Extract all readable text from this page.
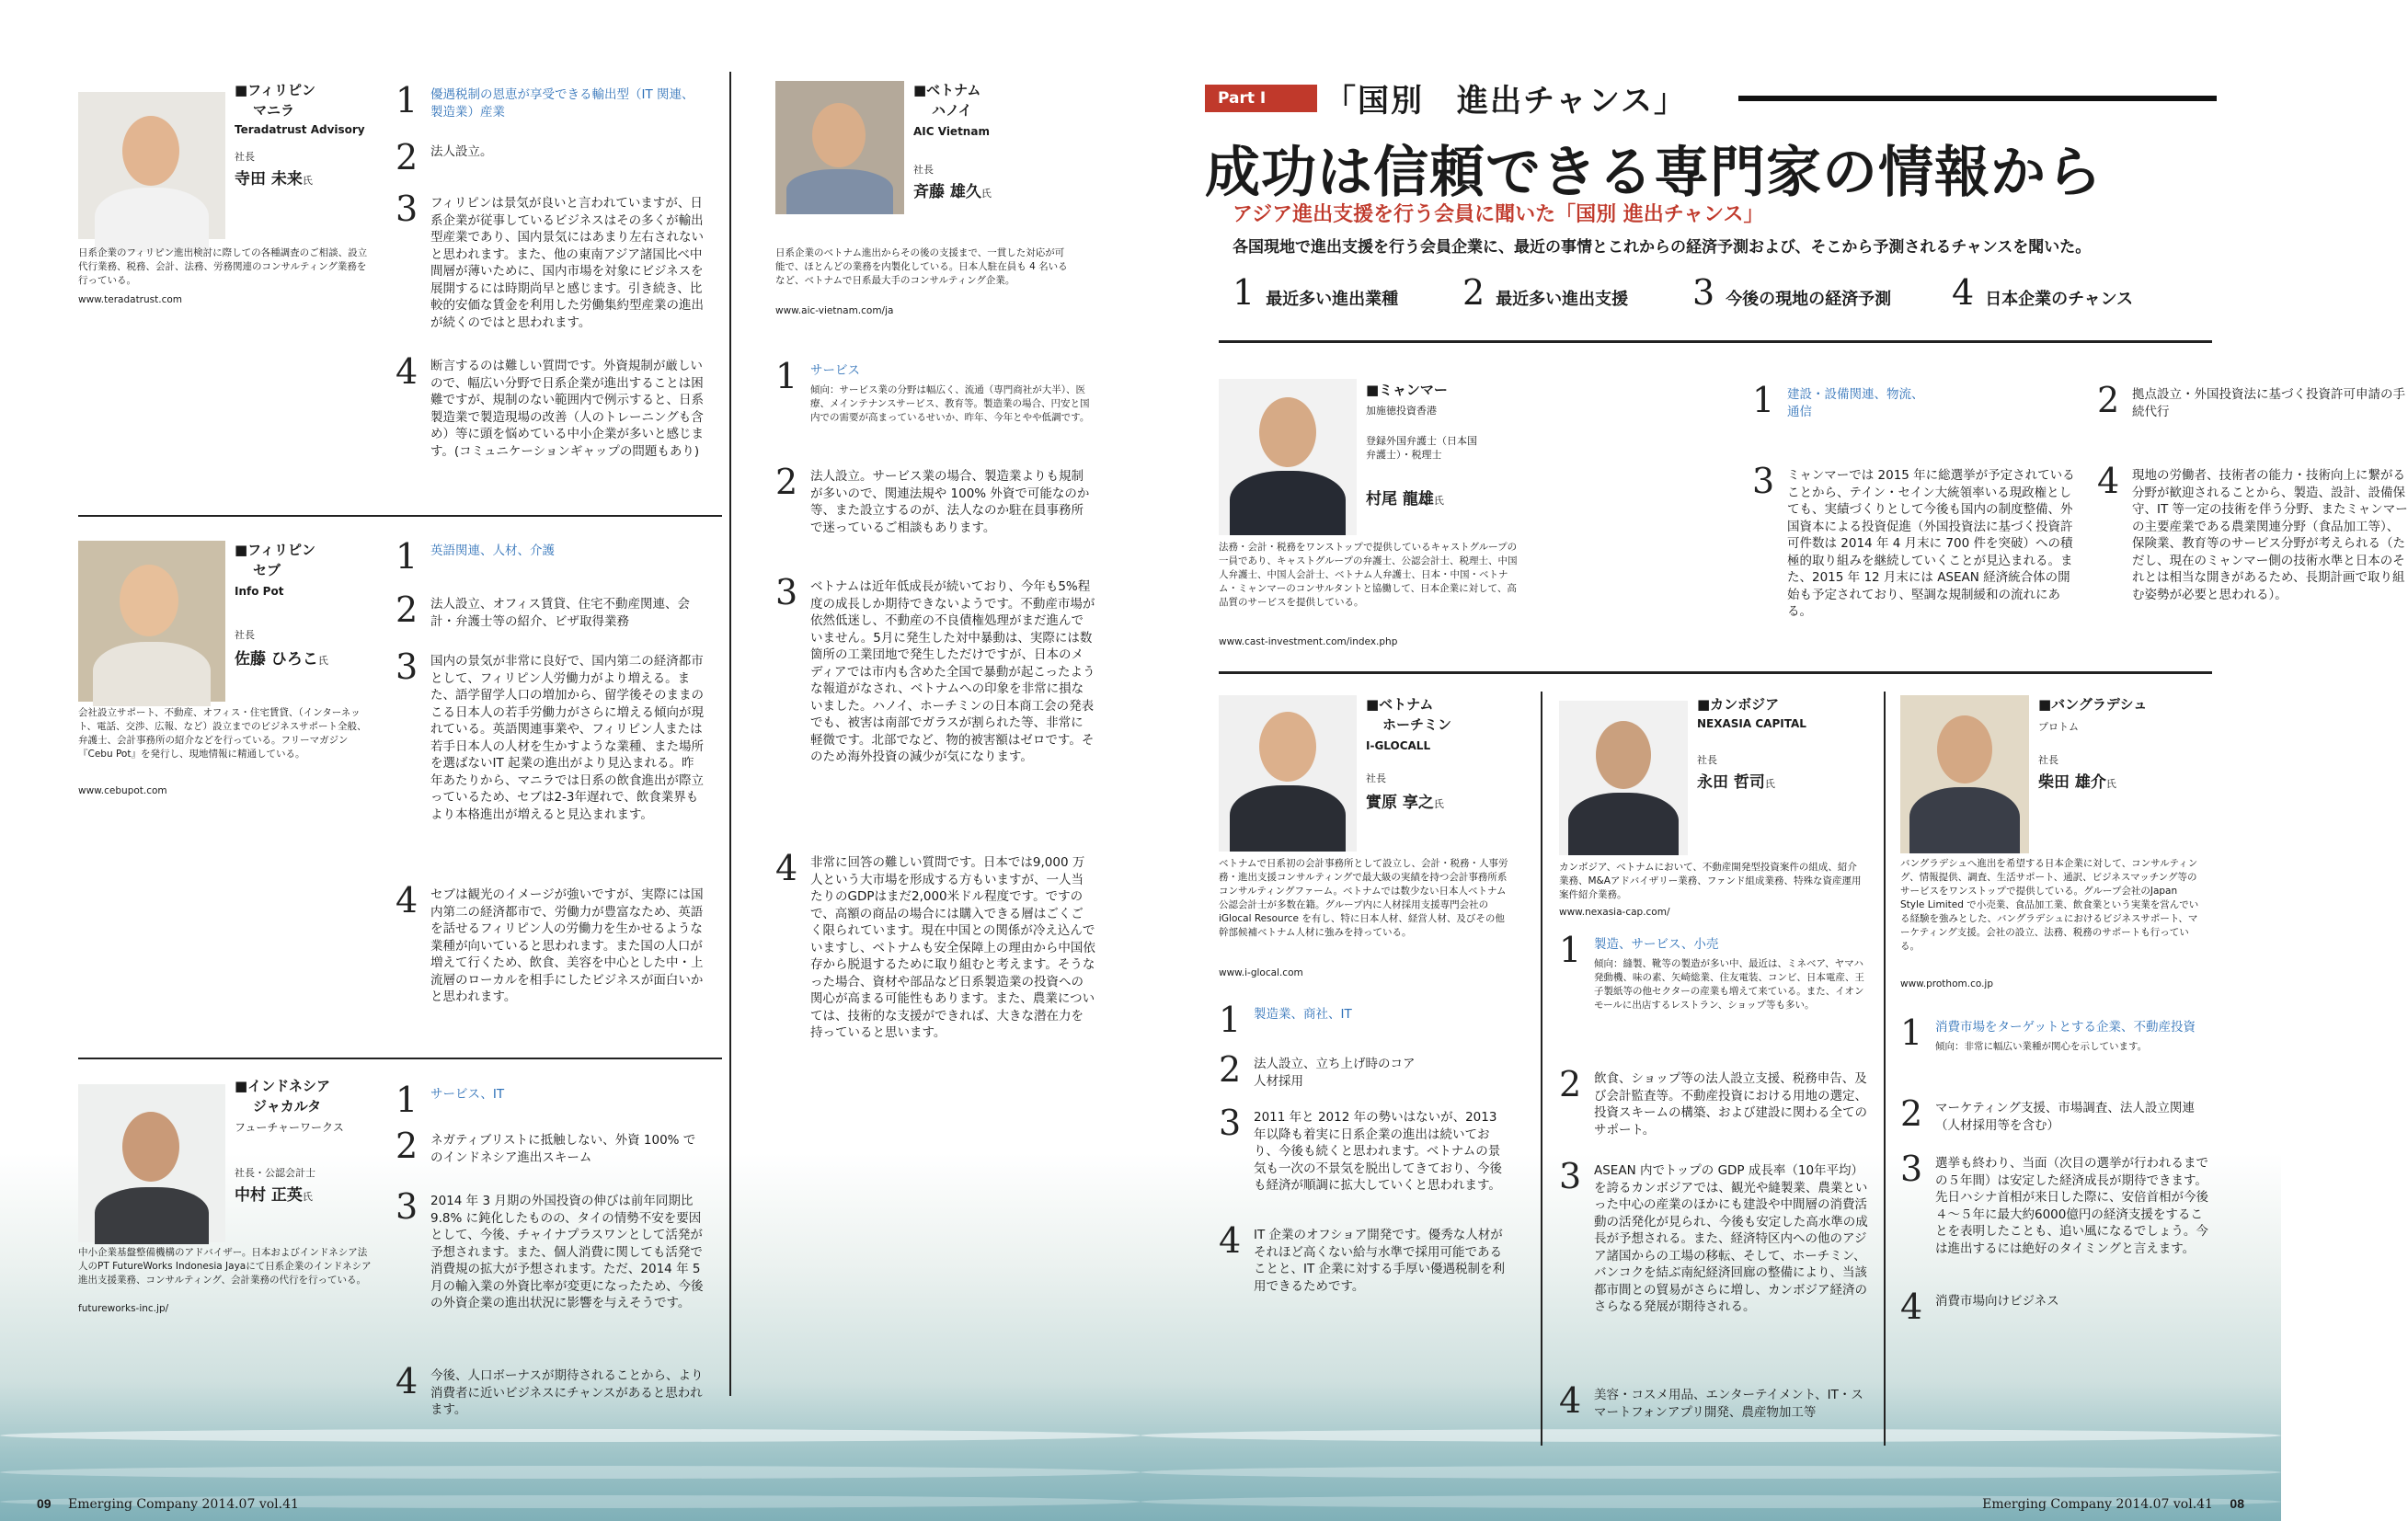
■フィリピン
マニラ
Teradatrust Advisory
社長
寺田 未来氏
日系企業のフィリピン進出検討に際しての各種調査のご相談、設立代行業務、税務、会計、法務、労務関連のコンサルティング業務を行っている。
www.teradatrust.com
1 優遇税制の恩恵が享受できる輸出型（IT 関連、製造業）産業
2 法人設立。
3 フィリピンは景気が良いと言われていますが、日系企業が従事しているビジネスはその多くが輸出型産業であり、国内景気にはあまり左右されないと思われます。また、他の東南アジア諸国比べ中間層が薄いために、国内市場を対象にビジネスを展開するには時期尚早と感じます。引き続き、比較的安価な賃金を利用した労働集約型産業の進出が続くのではと思われます。
4 断言するのは難しい質問です。外資規制が厳しいので、幅広い分野で日系企業が進出することは困難ですが、規制のない範囲内で例示すると、日系製造業で製造現場の改善（人のトレーニングも含め）等に頭を悩めている中小企業が多いと感じます。(コミュニケーションギャップの問題もあり)
■フィリピン
セブ
Info Pot
社長
佐藤 ひろこ氏
会社設立サポート、不動産、オフィス・住宅賃貸、（インターネット、電話、交渉、広報、など）設立までのビジネスサポート全般、弁護士、会計事務所の紹介などを行っている。フリーマガジン『Cebu Pot』を発行し、現地情報に精通している。
www.cebupot.com
1 英語関連、人材、介護
2 法人設立、オフィス賃貸、住宅不動産関連、会計・弁護士等の紹介、ビザ取得業務
3 国内の景気が非常に良好で、国内第二の経済都市として、フィリピン人労働力がより増える。また、語学留学人口の増加から、留学後そのままのこる日本人の若手労働力がさらに増える傾向が現れている。英語関連事業や、フィリピン人または若手日本人の人材を生かすような業種、また場所を選ばないIT 起業の進出がより見込まれる。昨年あたりから、マニラでは日系の飲食進出が際立っているため、セブは2-3年遅れで、飲食業界もより本格進出が増えると見込まれます。
4 セブは観光のイメージが強いですが、実際には国内第二の経済都市で、労働力が豊富なため、英語を話せるフィリピン人の労働力を生かせるような業種が向いていると思われます。また国の人口が増えて行くため、飲食、美容を中心とした中・上流層のローカルを相手にしたビジネスが面白いかと思われます。
■インドネシア
ジャカルタ
フューチャーワークス
社長・公認会計士
中村 正英氏
中小企業基盤整備機構のアドバイザー。日本およびインドネシア法人のPT FutureWorks Indonesia Jayaにて日系企業のインドネシア進出支援業務、コンサルティング、会計業務の代行を行っている。
futureworks-inc.jp/
1 サービス、IT
2 ネガティブリストに抵触しない、外資 100% でのインドネシア進出スキーム
3 2014 年 3 月期の外国投資の伸びは前年同期比 9.8% に鈍化したものの、タイの情勢不安を要因として、今後、チャイナプラスワンとして活発が予想されます。また、個人消費に関しても活発で消費規の拡大が予想されます。ただ、2014 年 5 月の輸入業の外資比率が変更になったため、今後の外資企業の進出状況に影響を与えそうです。
4 今後、人口ボーナスが期待されることから、より消費者に近いビジネスにチャンスがあると思われます。
■ベトナム
ハノイ
AIC Vietnam
社長
斉藤 雄久氏
日系企業のベトナム進出からその後の支援まで、一貫した対応が可能で、ほとんどの業務を内製化している。日本人駐在員も 4 名いるなど、ベトナムで日系最大手のコンサルティング企業。
www.aic-vietnam.com/ja
1 サービス
傾向：サービス業の分野は幅広く、流通（専門商社が大半）、医療、メインテナンスサービス、教育等。製造業の場合、円安と国内での需要が高まっているせいか、昨年、今年とやや低調です。
2 法人設立。サービス業の場合、製造業よりも規制が多いので、関連法規や 100% 外資で可能なのか等、また設立するのが、法人なのか駐在員事務所で迷っているご相談もあります。
3 ベトナムは近年低成長が続いており、今年も5%程度の成長しか期待できないようです。不動産市場が依然低迷し、不動産の不良債権処理がまだ進んでいません。5月に発生した対中暴動は、実際には数箇所の工業団地で発生しただけですが、日本のメディアでは市内も含めた全国で暴動が起こったような報道がなされ、ベトナムへの印象を非常に損ないました。ハノイ、ホーチミンの日本商工会の発表でも、被害は南部でガラスが割られた等、非常に軽微です。北部でなど、物的被害額はゼロです。そのため海外投資の減少が気になります。
4 非常に回答の難しい質問です。日本では9,000 万人という大市場を形成する方もいますが、一人当たりのGDPはまだ2,000米ドル程度です。ですので、高額の商品の場合には購入できる層はごくごく限られています。現在中国との関係が冷え込んでいますし、ベトナムも安全保障上の理由から中国依存から脱退するために取り組むと考えます。そうなった場合、資材や部品など日系製造業の投資への関心が高まる可能性もあります。また、農業については、技術的な支援ができれば、大きな潜在力を持っていると思います。
09 Emerging Company 2014.07 vol.41
Part I	「国別　進出チャンス」
成功は信頼できる専門家の情報から
アジア進出支援を行う会員に聞いた「国別 進出チャンス」
各国現地で進出支援を行う会員企業に、最近の事情とこれからの経済予測および、そこから予測されるチャンスを聞いた。
1 最近多い進出業種 2 最近多い進出支援 3 今後の現地の経済予測 4 日本企業のチャンス
■ミャンマー
加施徳投資香港
登録外国弁護士（日本国弁護士）・税理士
村尾 龍雄氏
法務・会計・税務をワンストップで提供しているキャストグループの一員であり、キャストグループの弁護士、公認会計士、税理士、中国人弁護士、中国人会計士、ベトナム人弁護士、日本・中国・ベトナム・ミャンマーのコンサルタントと協働して、日本企業に対して、高品質のサービスを提供している。
www.cast-investment.com/index.php
1 建設・設備関連、物流、通信	2 拠点設立・外国投資法に基づく投資許可申請の手続代行
3 ミャンマーでは 2015 年に総選挙が予定されていることから、テイン・セイン大統領率いる現政権としても、実績づくりとして今後も国内の制度整備、外国資本による投資促進（外国投資法に基づく投資許可件数は 2014 年 4 月末に 700 件を突破）への積極的取り組みを継続していくことが見込まれる。また、2015 年 12 月末には ASEAN 経済統合体の開始も予定されており、堅調な規制緩和の流れにある。
4 現地の労働者、技術者の能力・技術向上に繋がる分野が歓迎されることから、製造、設計、設備保守、IT 等一定の技術を伴う分野、またミャンマーの主要産業である農業関連分野（食品加工等）、保険業、教育等のサービス分野が考えられる（ただし、現在のミャンマー側の技術水準と日本のそれとは相当な開きがあるため、長期計画で取り組む姿勢が必要と思われる）。
■ベトナム
ホーチミン
I-GLOCALL
社長
實原 享之氏
ベトナムで日系初の会計事務所として設立し、会計・税務・人事労務・進出支援コンサルティングで最大級の実績を持つ会計事務所系コンサルティングファーム。ベトナムでは数少ない日本人ベトナム公認会計士が多数在籍。グループ内に人材採用支援専門会社の iGlocal Resource を有し、特に日本人材、経営人材、及びその他幹部候補ベトナム人材に強みを持っている。
www.i-glocal.com
1 製造業、商社、IT
2 法人設立、立ち上げ時のコア人材採用
3 2011 年と 2012 年の勢いはないが、2013 年以降も着実に日系企業の進出は続いており、今後も続くと思われます。ベトナムの景気も一次の不景気を脱出してきており、今後も経済が順調に拡大していくと思われます。
4 IT 企業のオフショア開発です。優秀な人材がそれほど高くない給与水準で採用可能であることと、IT 企業に対する手厚い優遇税制を利用できるためです。
■カンボジア
NEXASIA CAPITAL
社長
永田 哲司氏
カンボジア、ベトナムにおいて、不動産開発型投資案件の組成、紹介業務、M&Aアドバイザリー業務、ファンド組成業務、特殊な資産運用案件紹介業務。
www.nexasia-cap.com/
1 製造、サービス、小売
傾向：縫製、靴等の製造が多い中、最近は、ミネベア、ヤマハ発動機、味の素、矢崎総業、住友電装、コンビ、日本電産、王子製紙等の他セクターの産業も増えて来ている。また、イオンモールに出店するレストラン、ショップ等も多い。
2 飲食、ショップ等の法人設立支援、税務申告、及び会計監査等。不動産投資における用地の選定、投資スキームの構築、および建設に関わる全てのサポート。
3 ASEAN 内でトップの GDP 成長率（10年平均）を誇るカンボジアでは、観光や縫製業、農業といった中心の産業のほかにも建設や中間層の消費活動の活発化が見られ、今後も安定した高水準の成長が予想される。また、経済特区内への他のアジア諸国からの工場の移転、そして、ホーチミン、バンコクを結ぶ南紀経済回廊の整備により、当該都市間との貿易がさらに増し、カンボジア経済のさらなる発展が期待される。
4 美容・コスメ用品、エンターテイメント、IT・スマートフォンアプリ開発、農産物加工等
■バングラデシュ
プロトム
社長
柴田 雄介氏
バングラデシュへ進出を希望する日本企業に対して、コンサルティング、情報提供、調査、生活サポート、通訳、ビジネスマッチング等のサービスをワンストップで提供している。グループ会社のJapan Style Limited で小売業、食品加工業、飲食業という実業を営んでいる経験を強みとした、バングラデシュにおけるビジネスサポート、マーケティング支援。会社の設立、法務、税務のサポートも行っている。
www.prothom.co.jp
1 消費市場をターゲットとする企業、不動産投資
傾向：非常に幅広い業種が関心を示しています。
2 マーケティング支援、市場調査、法人設立関連（人材採用等を含む）
3 選挙も終わり、当面（次目の選挙が行われるまでの５年間）は安定した経済成長が期待できます。先日ハシナ首相が来日した際に、安倍首相が今後４～５年に最大約6000億円の経済支援をすることを表明したことも、追い風になるでしょう。今は進出するには絶好のタイミングと言えます。
4 消費市場向けビジネス
Emerging Company 2014.07 vol.41 08
